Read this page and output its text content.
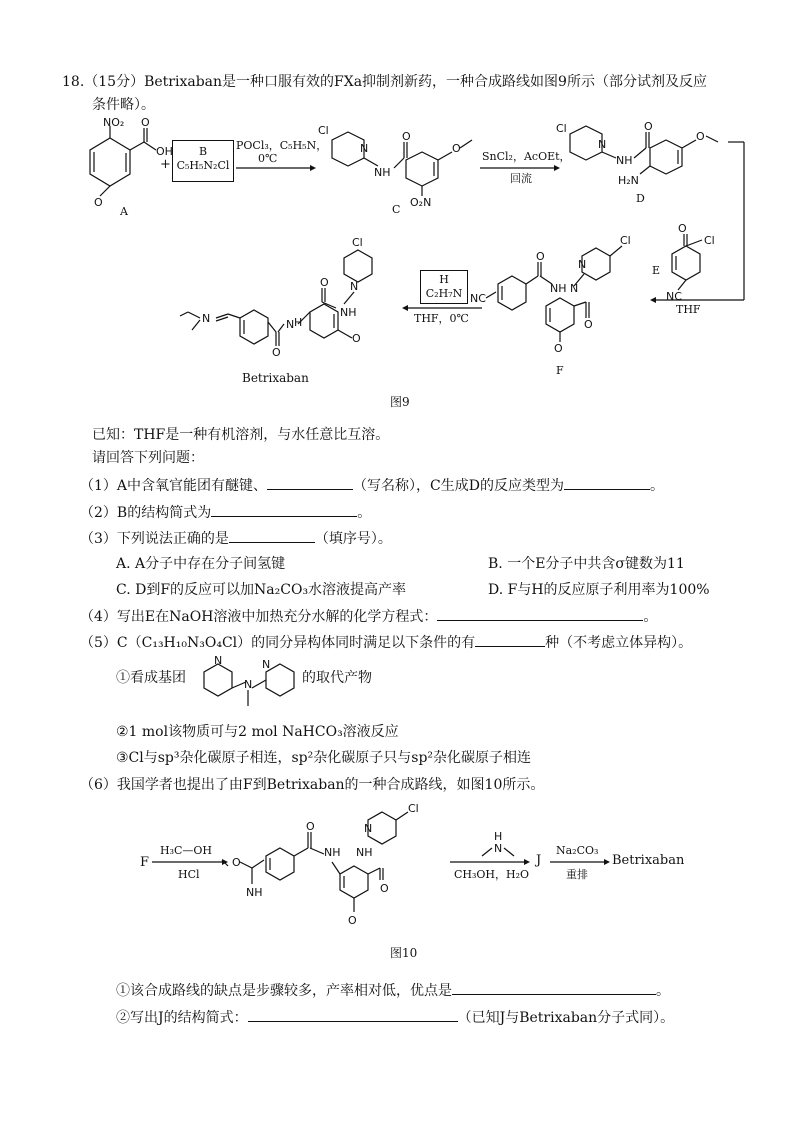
18.（15分）Betrixaban是一种口服有效的FXa抑制剂新药，一种合成路线如图9所示（部分试剂及反应
条件略）。
NO₂ O
OH
O
A
+
B
C₅H₅N₂Cl
POCl₃，C₅H₅N，
0℃
Cl
N
NH
O
O
O₂N
C
SnCl₂，AcOEt，
回流
Cl
N
NH
O
O
H₂N
D
O
Cl
NC
E
THF
NC
O
NH N
N
Cl
O
O
F
H
C₂H₇N
THF，0℃
Cl
N
NH
O
O
N H
O
N
Betrixaban
图9
已知：THF是一种有机溶剂，与水任意比互溶。
请回答下列问题：
（1）A中含氧官能团有醚键、	（写名称），C生成D的反应类型为	。
（2）B的结构简式为	。
（3）下列说法正确的是	（填序号）。
A. A分子中存在分子间氢键	B. 一个E分子中共含σ键数为11
C. D到F的反应可以加Na₂CO₃水溶液提高产率	D. F与H的反应原子利用率为100%
（4）写出E在NaOH溶液中加热充分水解的化学方程式：	。
（5）C（C₁₃H₁₀N₃O₄Cl）的同分异构体同时满足以下条件的有	种（不考虑立体异构）。
①看成基团
N
N
N
的取代产物
②1 mol该物质可与2 mol NaHCO₃溶液反应
③Cl与sp³杂化碳原子相连，sp²杂化碳原子只与sp²杂化碳原子相连
（6）我国学者也提出了由F到Betrixaban的一种合成路线，如图10所示。
F
H₃C—OH
HCl
O
NH
O
NH NH
N
Cl
O
O
H
N
CH₃OH，H₂O
J
Na₂CO₃
重排
Betrixaban
图10
①该合成路线的缺点是步骤较多，产率相对低，优点是	。
②写出J的结构简式：	（已知J与Betrixaban分子式同）。
